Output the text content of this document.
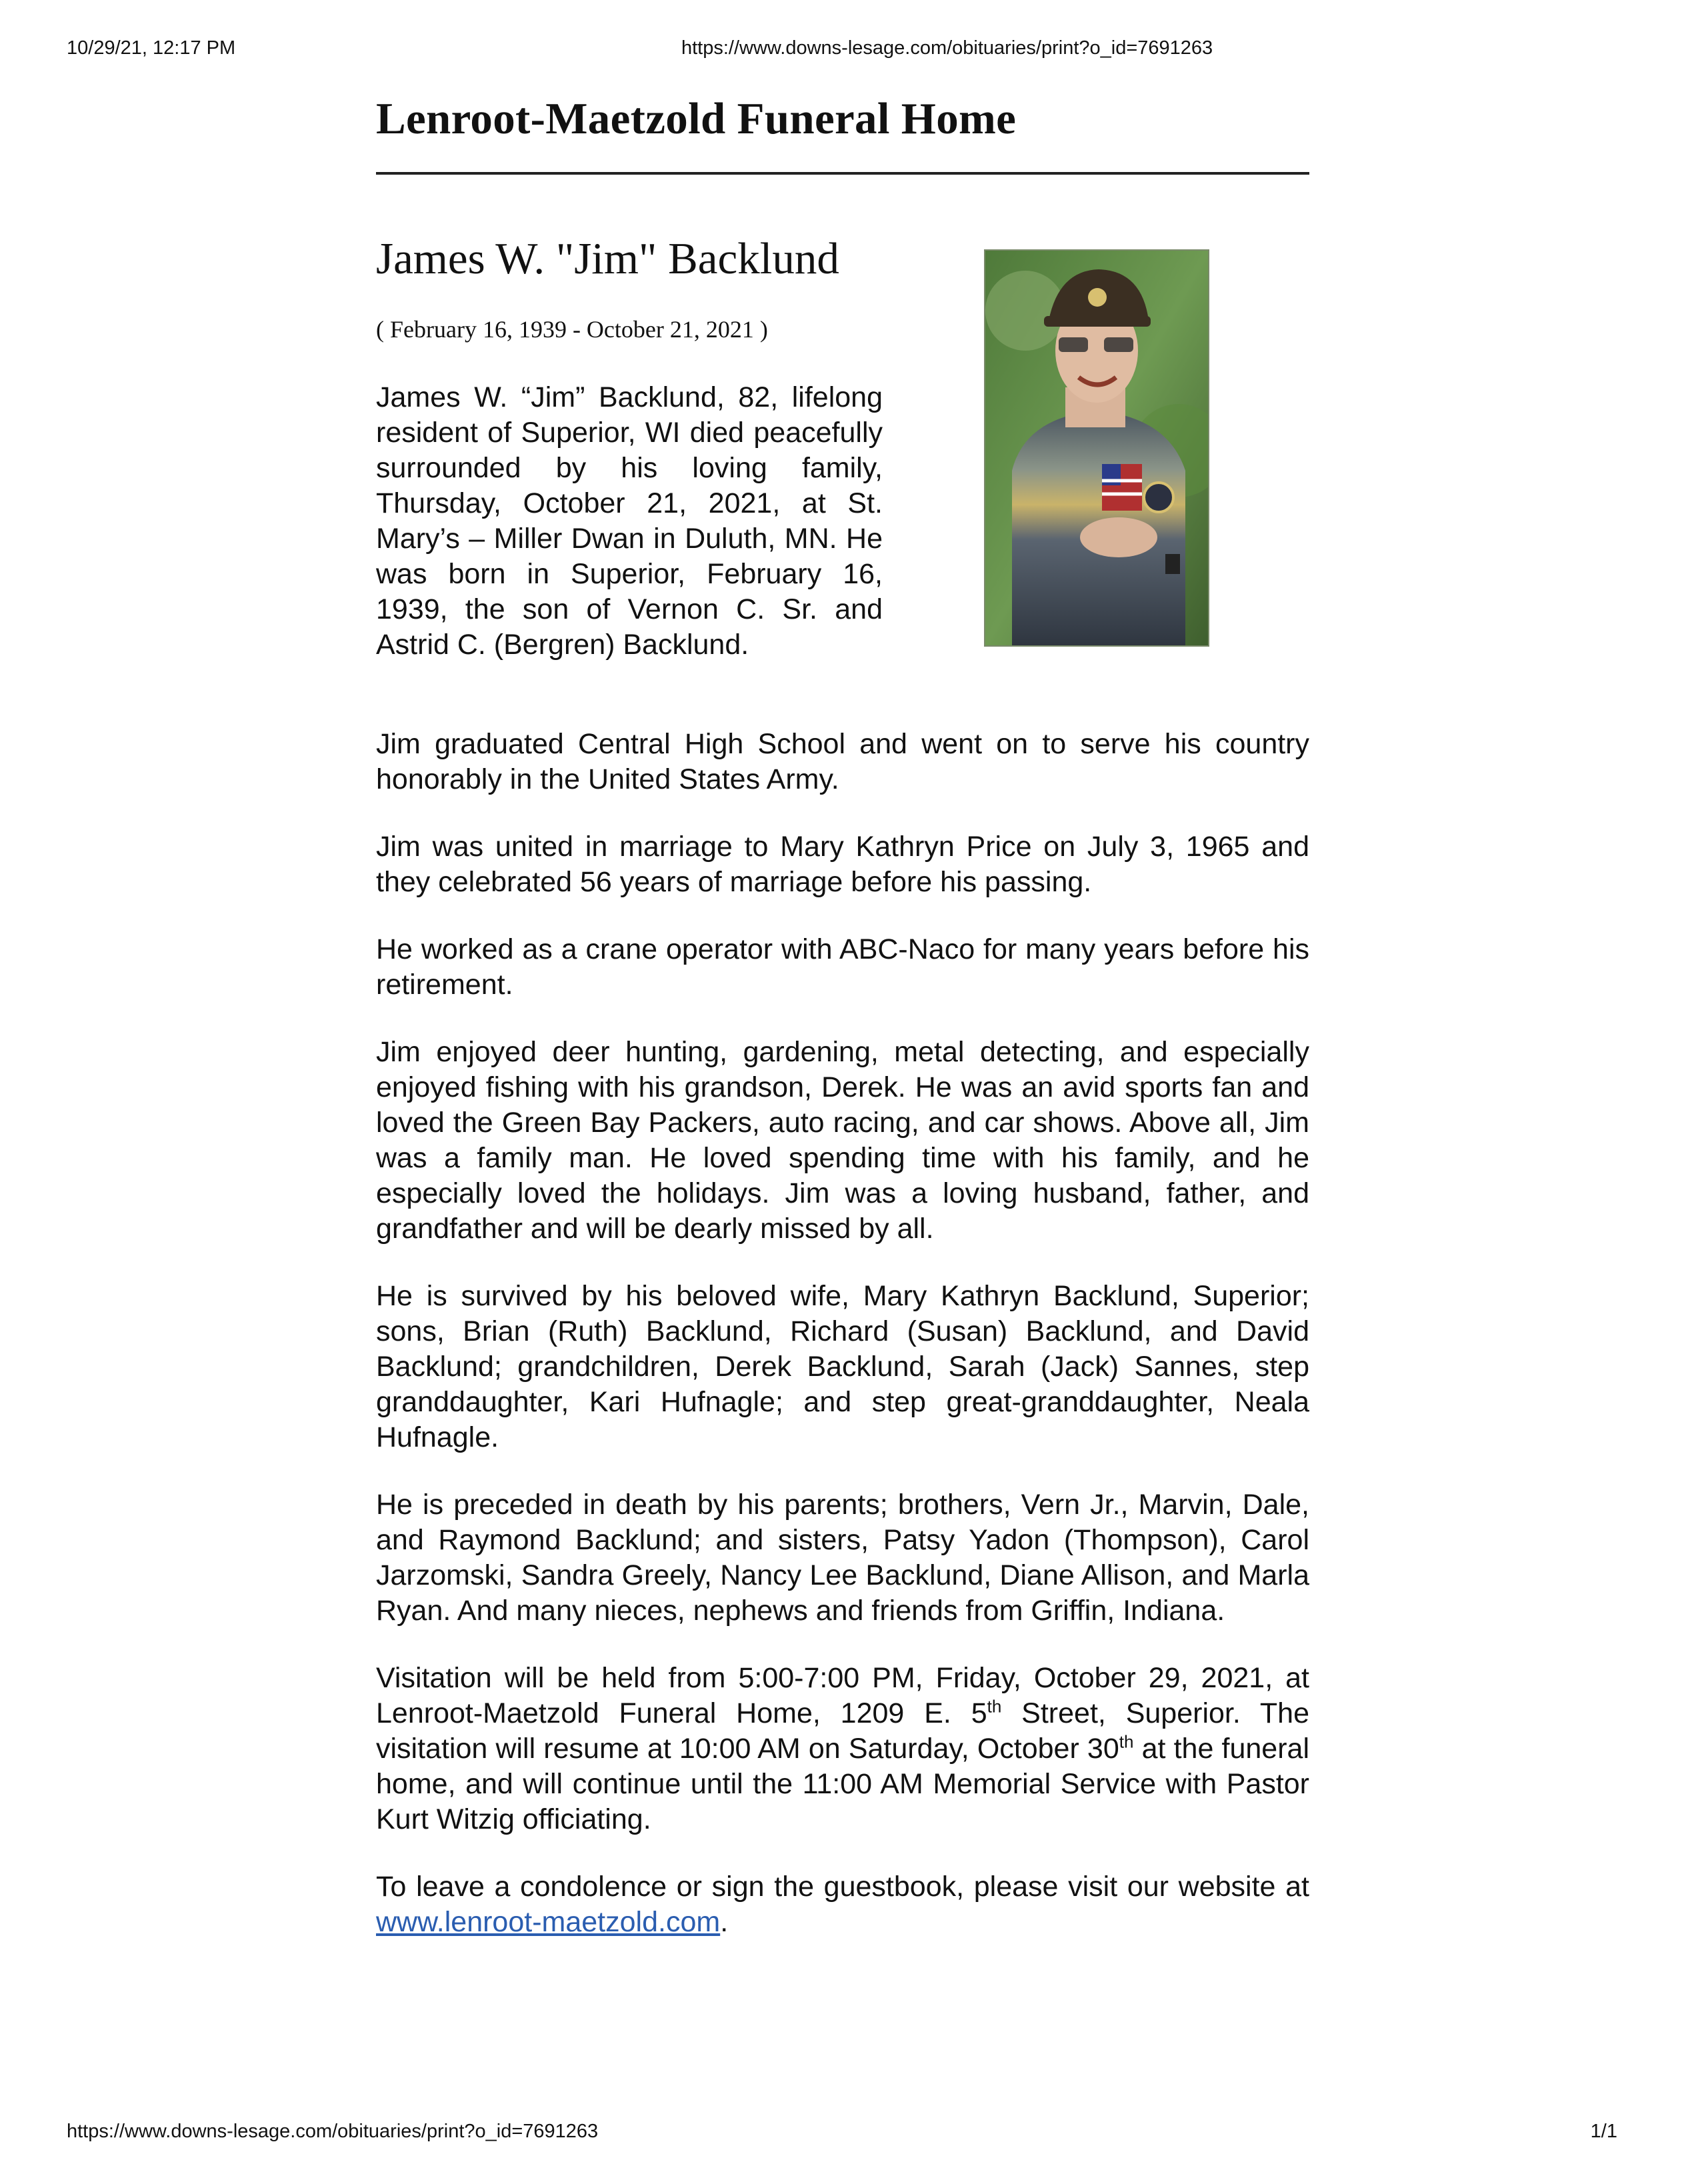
10/29/21, 12:17 PM	https://www.downs-lesage.com/obituaries/print?o_id=7691263
Lenroot-Maetzold Funeral Home
James W. "Jim" Backlund
( February 16, 1939 - October 21, 2021 )

James W. “Jim” Backlund, 82, lifelong resident of Superior, WI died peacefully surrounded by his loving family, Thursday, October 21, 2021, at St. Mary’s – Miller Dwan in Duluth, MN. He was born in Superior, February 16, 1939, the son of Vernon C. Sr. and Astrid C. (Bergren) Backlund.

Jim graduated Central High School and went on to serve his country honorably in the United States Army.

Jim was united in marriage to Mary Kathryn Price on July 3, 1965 and they celebrated 56 years of marriage before his passing.

He worked as a crane operator with ABC-Naco for many years before his retirement.

Jim enjoyed deer hunting, gardening, metal detecting, and especially enjoyed fishing with his grandson, Derek. He was an avid sports fan and loved the Green Bay Packers, auto racing, and car shows. Above all, Jim was a family man. He loved spending time with his family, and he especially loved the holidays. Jim was a loving husband, father, and grandfather and will be dearly missed by all.

He is survived by his beloved wife, Mary Kathryn Backlund, Superior; sons, Brian (Ruth) Backlund, Richard (Susan) Backlund, and David Backlund; grandchildren, Derek Backlund, Sarah (Jack) Sannes, step granddaughter, Kari Hufnagle; and step great-granddaughter, Neala Hufnagle.

He is preceded in death by his parents; brothers, Vern Jr., Marvin, Dale, and Raymond Backlund; and sisters, Patsy Yadon (Thompson), Carol Jarzomski, Sandra Greely, Nancy Lee Backlund, Diane Allison, and Marla Ryan. And many nieces, nephews and friends from Griffin, Indiana.

Visitation will be held from 5:00-7:00 PM, Friday, October 29, 2021, at Lenroot-Maetzold Funeral Home, 1209 E. 5th Street, Superior. The visitation will resume at 10:00 AM on Saturday, October 30th at the funeral home, and will continue until the 11:00 AM Memorial Service with Pastor Kurt Witzig officiating.

To leave a condolence or sign the guestbook, please visit our website at www.lenroot-maetzold.com.

https://www.downs-lesage.com/obituaries/print?o_id=7691263	1/1
